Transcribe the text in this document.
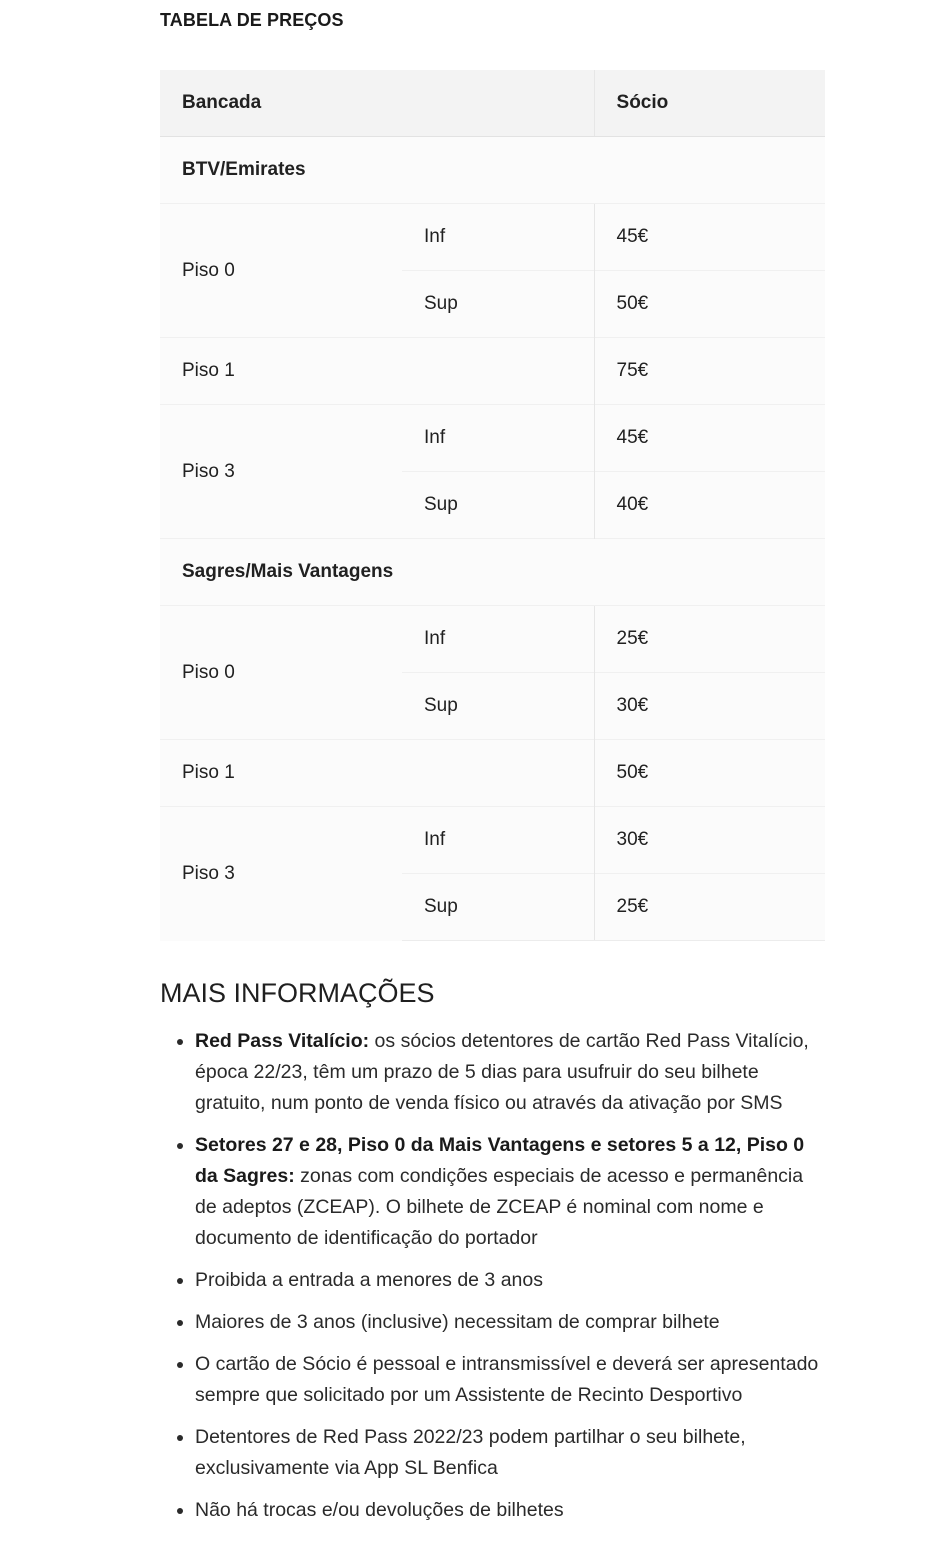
TABELA DE PREÇOS
Bancada		Sócio
BTV/Emirates		
Piso 0	Inf	45€
	Sup	50€
Piso 1		75€
Piso 3	Inf	45€
	Sup	40€
Sagres/Mais Vantagens		
Piso 0	Inf	25€
	Sup	30€
Piso 1		50€
Piso 3	Inf	30€
	Sup	25€
MAIS INFORMAÇÕES
• Red Pass Vitalício: os sócios detentores de cartão Red Pass Vitalício, época 22/23, têm um prazo de 5 dias para usufruir do seu bilhete gratuito, num ponto de venda físico ou através da ativação por SMS
• Setores 27 e 28, Piso 0 da Mais Vantagens e setores 5 a 12, Piso 0 da Sagres: zonas com condições especiais de acesso e permanência de adeptos (ZCEAP). O bilhete de ZCEAP é nominal com nome e documento de identificação do portador
• Proibida a entrada a menores de 3 anos
• Maiores de 3 anos (inclusive) necessitam de comprar bilhete
• O cartão de Sócio é pessoal e intransmissível e deverá ser apresentado sempre que solicitado por um Assistente de Recinto Desportivo
• Detentores de Red Pass 2022/23 podem partilhar o seu bilhete, exclusivamente via App SL Benfica
• Não há trocas e/ou devoluções de bilhetes
